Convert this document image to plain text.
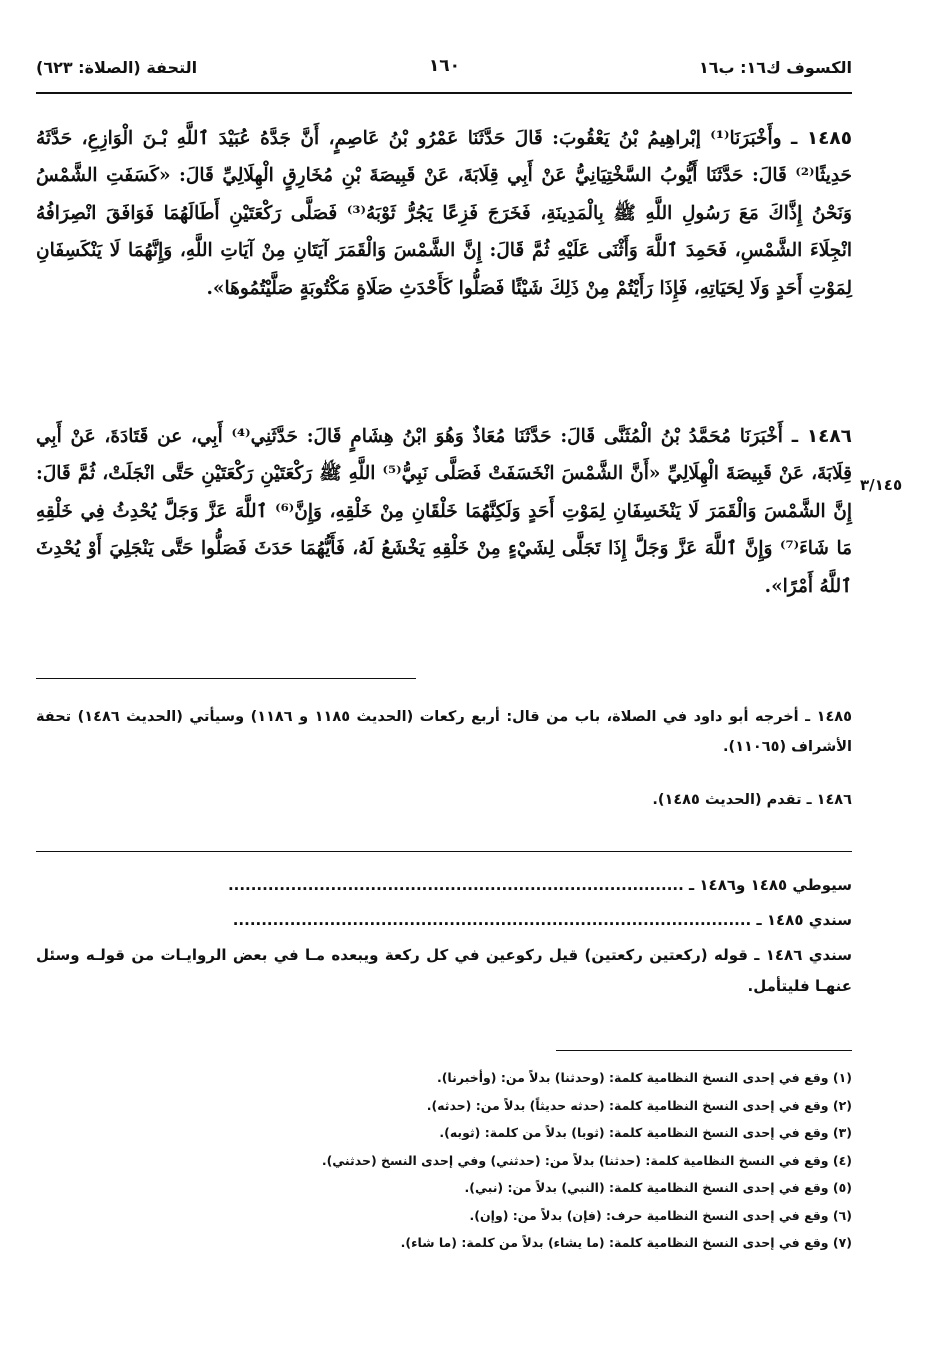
الكسوف ك١٦: ب١٦
١٦٠
التحفة (الصلاة: ٦٢٣)
٣/١٤٥
١٤٨٥ ـ وأَخْبَرَنَا⁽¹⁾ إبْراهِيمُ بْنُ يَعْقُوبَ: قَالَ حَدَّثَنَا عَمْرُو بْنُ عَاصِمٍ، أَنَّ جَدَّهُ عُبَيْدَ ٱللَّهِ بْـنَ الْوَازِعِ، حَدَّثَهُ حَدِيثًا⁽²⁾ قَالَ: حَدَّثَنَا أَيُّوبُ السَّخْتِيَانِيُّ عَنْ أَبِي قِلَابَةَ، عَنْ قَبِيصَةَ بْنِ مُخَارِقٍ الْهِلَالِيِّ قَالَ: «كَسَفَتِ الشَّمْسُ وَنَحْنُ إِذَّاكَ مَعَ رَسُولِ اللَّهِ ﷺ بِالْمَدِينَةِ، فَخَرَجَ فَزِعًا يَجُرُّ ثَوْبَهُ⁽³⁾ فَصَلَّى رَكْعَتَيْنِ أَطَالَهُمَا فَوَافَقَ انْصِرَافُهُ انْجِلَاءَ الشَّمْسِ، فَحَمِدَ ٱللَّهَ وَأَثْنَى عَلَيْهِ ثُمَّ قَالَ: إِنَّ الشَّمْسَ وَالْقَمَرَ آيَتَانِ مِنْ آيَاتِ اللَّهِ، وَإِنَّهُمَا لَا يَنْكَسِفَانِ لِمَوْتِ أَحَدٍ وَلَا لِحَيَاتِهِ، فَإِذَا رَأَيْتُمْ مِنْ ذَلِكَ شَيْئًا فَصَلُّوا كَأَحْدَثِ صَلَاةٍ مَكْتُوبَةٍ صَلَّيْتُمُوهَا».
١٤٨٦ ـ أَخْبَرَنَا مُحَمَّدُ بْنُ الْمُثَنَّى قَالَ: حَدَّثَنَا مُعَاذٌ وَهُوَ ابْنُ هِشَامٍ قَالَ: حَدَّثَنِي⁽⁴⁾ أَبِي، عن قَتَادَةَ، عَنْ أَبِي قِلَابَةَ، عَنْ قَبِيصَةَ الْهِلَالِيِّ «أَنَّ الشَّمْسَ انْخَسَفَتْ فَصَلَّى نَبِيُّ⁽⁵⁾ اللَّهِ ﷺ رَكْعَتَيْنِ رَكْعَتَيْنِ حَتَّى انْجَلَتْ، ثُمَّ قَالَ: إِنَّ الشَّمْسَ وَالْقَمَرَ لَا يَنْخَسِفَانِ لِمَوْتِ أَحَدٍ وَلَكِنَّهُمَا خَلْقَانِ مِنْ خَلْقِهِ، وَإِنَّ⁽⁶⁾ ٱللَّهَ عَزَّ وَجَلَّ يُحْدِثُ فِي خَلْقِهِ مَا شَاءَ⁽⁷⁾ وَإِنَّ ٱللَّهَ عَزَّ وَجَلَّ إِذَا تَجَلَّى لِشَيْءٍ مِنْ خَلْقِهِ يَخْشَعُ لَهُ، فَأَيُّهُمَا حَدَثَ فَصَلُّوا حَتَّى يَنْجَلِيَ أَوْ يُحْدِثَ ٱللَّهُ أَمْرًا».
١٤٨٥ ـ أخرجه أبو داود في الصلاة، باب من قال: أربع ركعات (الحديث ١١٨٥ و ١١٨٦) وسيأتي (الحديث ١٤٨٦) تحفة الأشراف (١١٠٦٥).
١٤٨٦ ـ تقدم (الحديث ١٤٨٥).
سيوطي ١٤٨٥ و١٤٨٦ ـ ................................................................................
سندي ١٤٨٥ ـ ...........................................................................................
سندي ١٤٨٦ ـ قوله (ركعتين ركعتين) قيل ركوعين في كل ركعة ويبعده مـا في بعض الروايـات من قولـه وسئل عنهـا فليتأمل.
(١) وقع في إحدى النسخ النظامية كلمة: (وحدثنا) بدلاً من: (وأخبرنا).
(٢) وقع في إحدى النسخ النظامية كلمة: (حدثه حديثاً) بدلاً من: (حدثه).
(٣) وقع في إحدى النسخ النظامية كلمة: (ثوبا) بدلاً من كلمة: (ثوبه).
(٤) وقع في النسخ النظامية كلمة: (حدثنا) بدلاً من: (حدثني) وفي إحدى النسخ (حدثني).
(٥) وقع في إحدى النسخ النظامية كلمة: (النبي) بدلاً من: (نبي).
(٦) وقع في إحدى النسخ النظامية حرف: (فإن) بدلاً من: (وإن).
(٧) وقع في إحدى النسخ النظامية كلمة: (ما يشاء) بدلاً من كلمة: (ما شاء).
